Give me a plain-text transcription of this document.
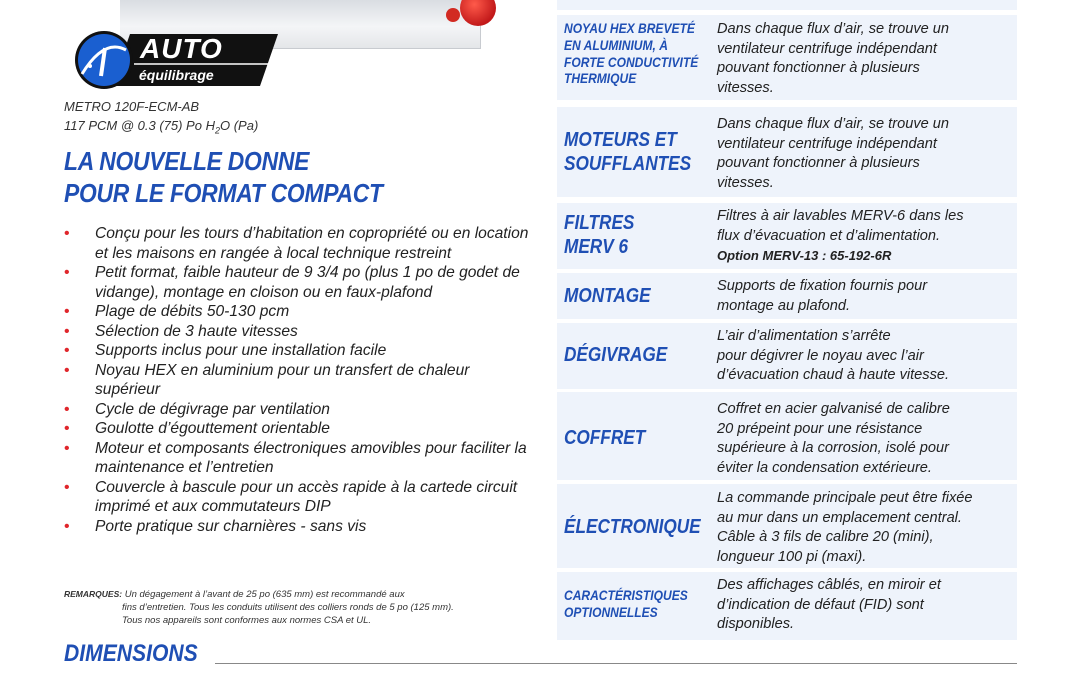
AUTO
équilibrage
METRO 120F-ECM-AB
117 PCM @ 0.3 (75) Po $H_2O$ (Pa)
LA NOUVELLE DONNE
POUR LE FORMAT COMPACT
• Conçu pour les tours d’habitation en copropriété ou en location et les maisons en rangée à local technique restreint
• Petit format, faible hauteur de 9 3/4 po (plus 1 po de godet de vidange), montage en cloison ou en faux-plafond
• Plage de débits 50-130 pcm
• Sélection de 3 haute vitesses
• Supports inclus pour une installation facile
• Noyau HEX en aluminium pour un transfert de chaleur supérieur
• Cycle de dégivrage par ventilation
• Goulotte d’égouttement orientable
• Moteur et composants électroniques amovibles pour faciliter la maintenance et l’entretien
• Couvercle à bascule pour un accès rapide à la cartede circuit imprimé et aux commutateurs DIP
• Porte pratique sur charnières - sans vis
REMARQUES: Un dégagement à l’avant de 25 po (635 mm) est recommandé aux
fins d’entretien. Tous les conduits utilisent des colliers ronds de 5 po (125 mm).
Tous nos appareils sont conformes aux normes CSA et UL.
DIMENSIONS
NOYAU HEX BREVETÉ
EN ALUMINIUM, À
FORTE CONDUCTIVITÉ
THERMIQUE
Dans chaque flux d’air, se trouve un
ventilateur centrifuge indépendant
pouvant fonctionner à plusieurs
vitesses.
MOTEURS ET
SOUFFLANTES
Dans chaque flux d’air, se trouve un
ventilateur centrifuge indépendant
pouvant fonctionner à plusieurs
vitesses.
FILTRES
MERV 6
Filtres à air lavables MERV-6 dans les
flux d’évacuation et d’alimentation.
Option MERV-13 : 65-192-6R
MONTAGE	Supports de fixation fournis pour
montage au plafond.
DÉGIVRAGE
L’air d’alimentation s’arrête
pour dégivrer le noyau avec l’air
d’évacuation chaud à haute vitesse.
COFFRET
Coffret en acier galvanisé de calibre
20 prépeint pour une résistance
supérieure à la corrosion, isolé pour
éviter la condensation extérieure.
ÉLECTRONIQUE
La commande principale peut être fixée
au mur dans un emplacement central.
Câble à 3 fils de calibre 20 (mini),
longueur 100 pi (maxi).
CARACTÉRISTIQUES
OPTIONNELLES
Des affichages câblés, en miroir et
d’indication de défaut (FID) sont
disponibles.
